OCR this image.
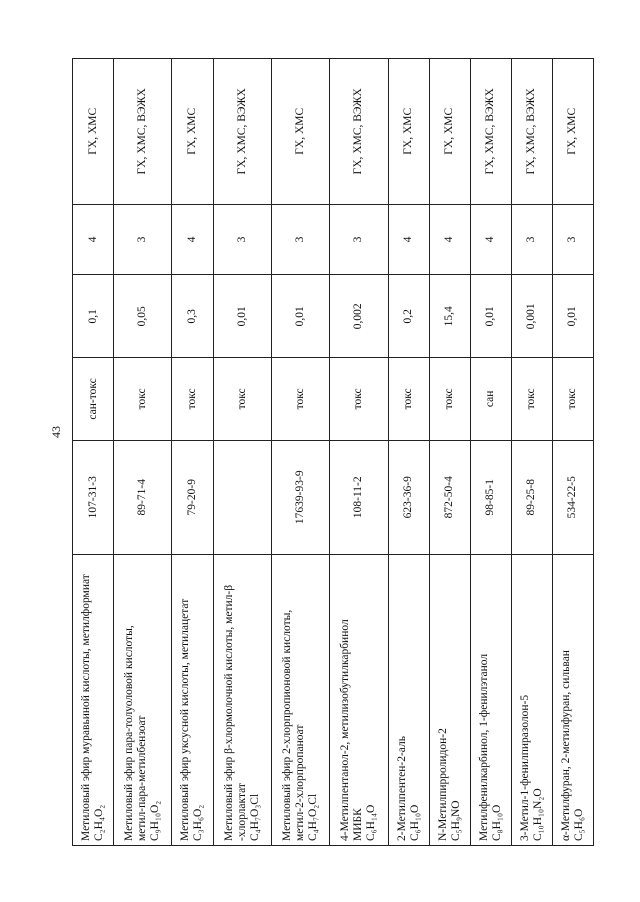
43
Метиловый эфир муравьиной кислоты, метилформиат C₂H₄O₂	107-31-3	сан-токс	0,1	4	ГХ, ХМС

Метиловый эфир пара-толуоловой кислоты, метил-пара-метилбензоат C₉H₁₀O₂	89-71-4	токс	0,05	3	ГХ, ХМС, ВЭЖХ

Метиловый эфир уксусной кислоты, метилацетат C₃H₆O₂	79-20-9	токс	0,3	4	ГХ, ХМС

Метиловый эфир β-хлормолочной кислоты, метил-β -хлорлактат C₄H₇O₃Cl		токс	0,01	3	ГХ, ХМС, ВЭЖХ

Метиловый эфир 2-хлорпропионовой кислоты, метил-2-хлорпропаноат C₄H₇O₂Cl	17639-93-9	токс	0,01	3	ГХ, ХМС

4-Метилпентанол-2, метилизобутилкарбинол МИБК C₆H₁₄O	108-11-2	токс	0,002	3	ГХ, ХМС, ВЭЖХ

2-Метилпентен-2-аль C₆H₁₀O	623-36-9	токс	0,2	4	ГХ, ХМС

N-Метилпирролидон-2 C₅H₉NO	872-50-4	токс	15,4	4	ГХ, ХМС

Метилфенилкарбинол, 1-фенилэтанол C₈H₁₀O	98-85-1	сан	0,01	4	ГХ, ХМС, ВЭЖХ

3-Метил-1-фенилпиразолон-5 C₁₀H₁₀N₂O	89-25-8	токс	0,001	3	ГХ, ХМС, ВЭЖХ

α-Метилфуран, 2-метилфуран, сильван C₅H₆O	534-22-5	токс	0,01	3	ГХ, ХМС
